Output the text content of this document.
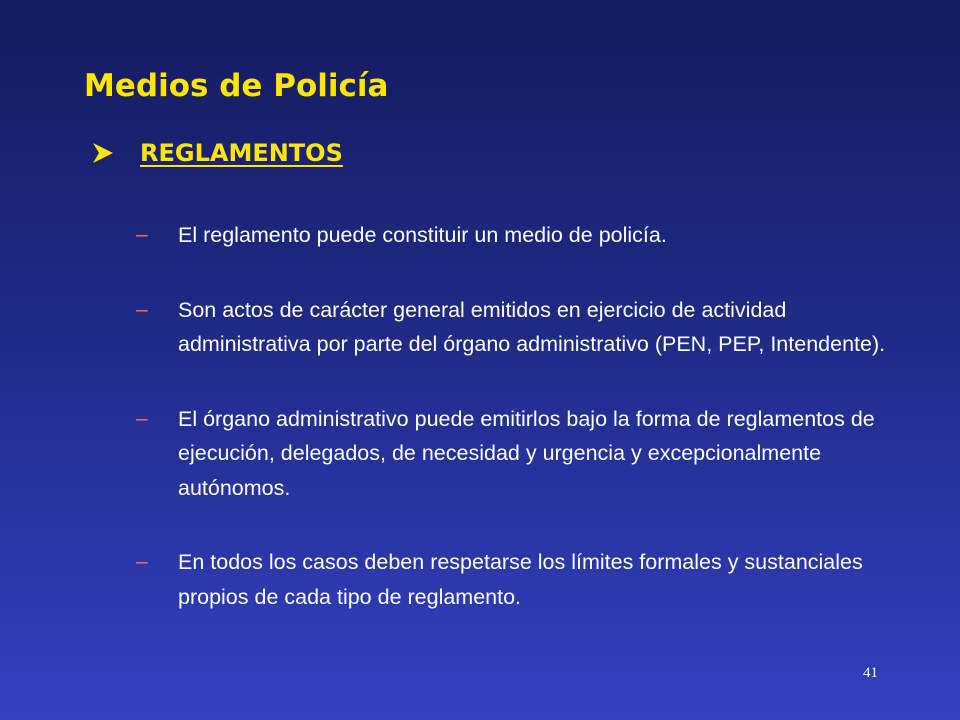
Medios de Policía
REGLAMENTOS
– El reglamento puede constituir un medio de policía.
– Son actos de carácter general emitidos en ejercicio de actividad administrativa por parte del órgano administrativo (PEN, PEP, Intendente).
– El órgano administrativo puede emitirlos bajo la forma de reglamentos de ejecución, delegados, de necesidad y urgencia y excepcionalmente autónomos.
– En todos los casos deben respetarse los límites formales y sustanciales propios de cada tipo de reglamento.
41
